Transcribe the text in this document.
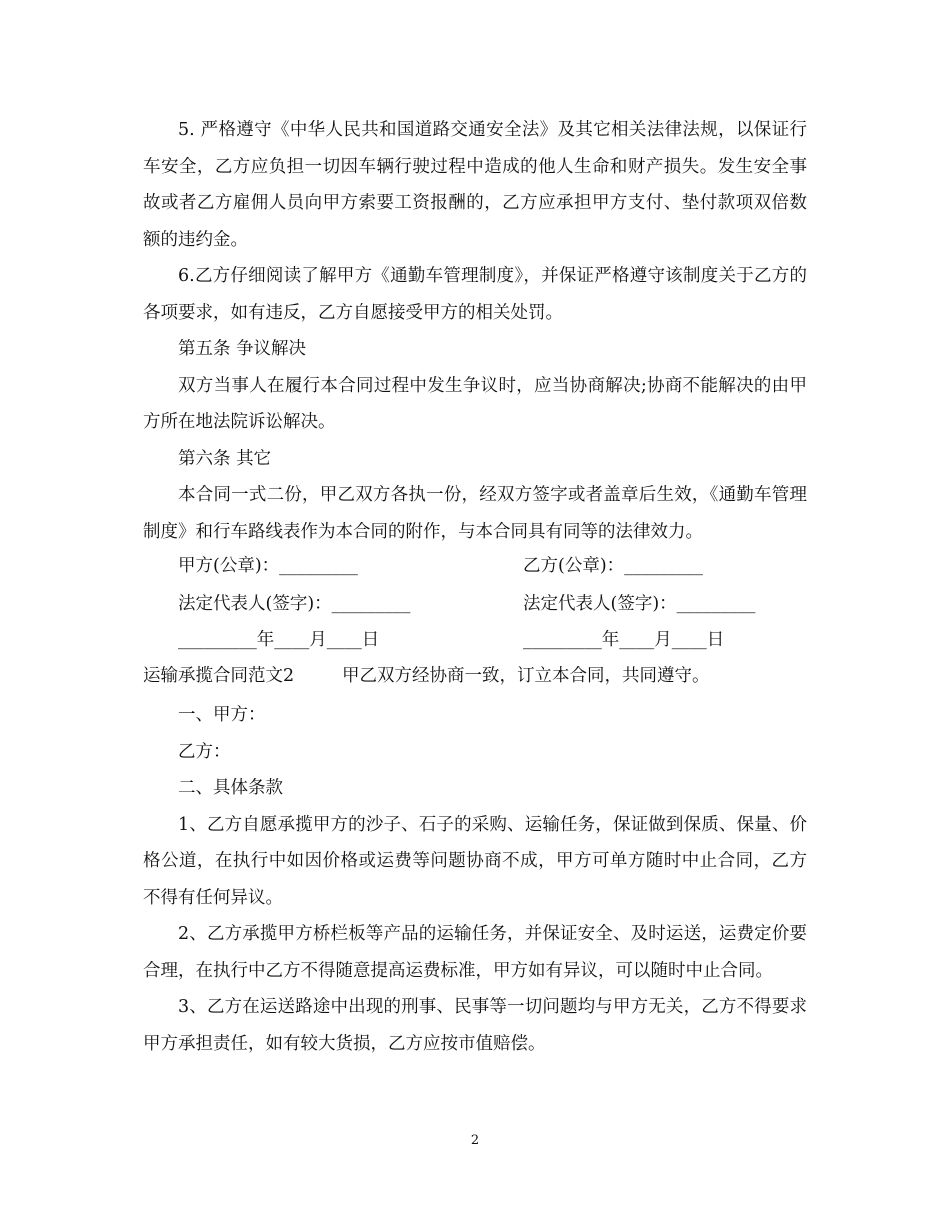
5. 严格遵守《中华人民共和国道路交通安全法》及其它相关法律法规，以保证行车安全，乙方应负担一切因车辆行驶过程中造成的他人生命和财产损失。发生安全事故或者乙方雇佣人员向甲方索要工资报酬的，乙方应承担甲方支付、垫付款项双倍数额的违约金。

6.乙方仔细阅读了解甲方《通勤车管理制度》，并保证严格遵守该制度关于乙方的各项要求，如有违反，乙方自愿接受甲方的相关处罚。

第五条 争议解决

双方当事人在履行本合同过程中发生争议时，应当协商解决;协商不能解决的由甲方所在地法院诉讼解决。

第六条 其它

本合同一式二份，甲乙双方各执一份，经双方签字或者盖章后生效，《通勤车管理制度》和行车路线表作为本合同的附作，与本合同具有同等的法律效力。

甲方(公章)：_________	乙方(公章)：_________
法定代表人(签字)：_________	法定代表人(签字)：_________
_________年____月____日	_________年____月____日
运输承揽合同范文2	甲乙双方经协商一致，订立本合同，共同遵守。

一、甲方：

乙方：

二、具体条款

1、乙方自愿承揽甲方的沙子、石子的采购、运输任务，保证做到保质、保量、价格公道，在执行中如因价格或运费等问题协商不成，甲方可单方随时中止合同，乙方不得有任何异议。

2、乙方承揽甲方桥栏板等产品的运输任务，并保证安全、及时运送，运费定价要合理，在执行中乙方不得随意提高运费标准，甲方如有异议，可以随时中止合同。

3、乙方在运送路途中出现的刑事、民事等一切问题均与甲方无关，乙方不得要求甲方承担责任，如有较大货损，乙方应按市值赔偿。

2
